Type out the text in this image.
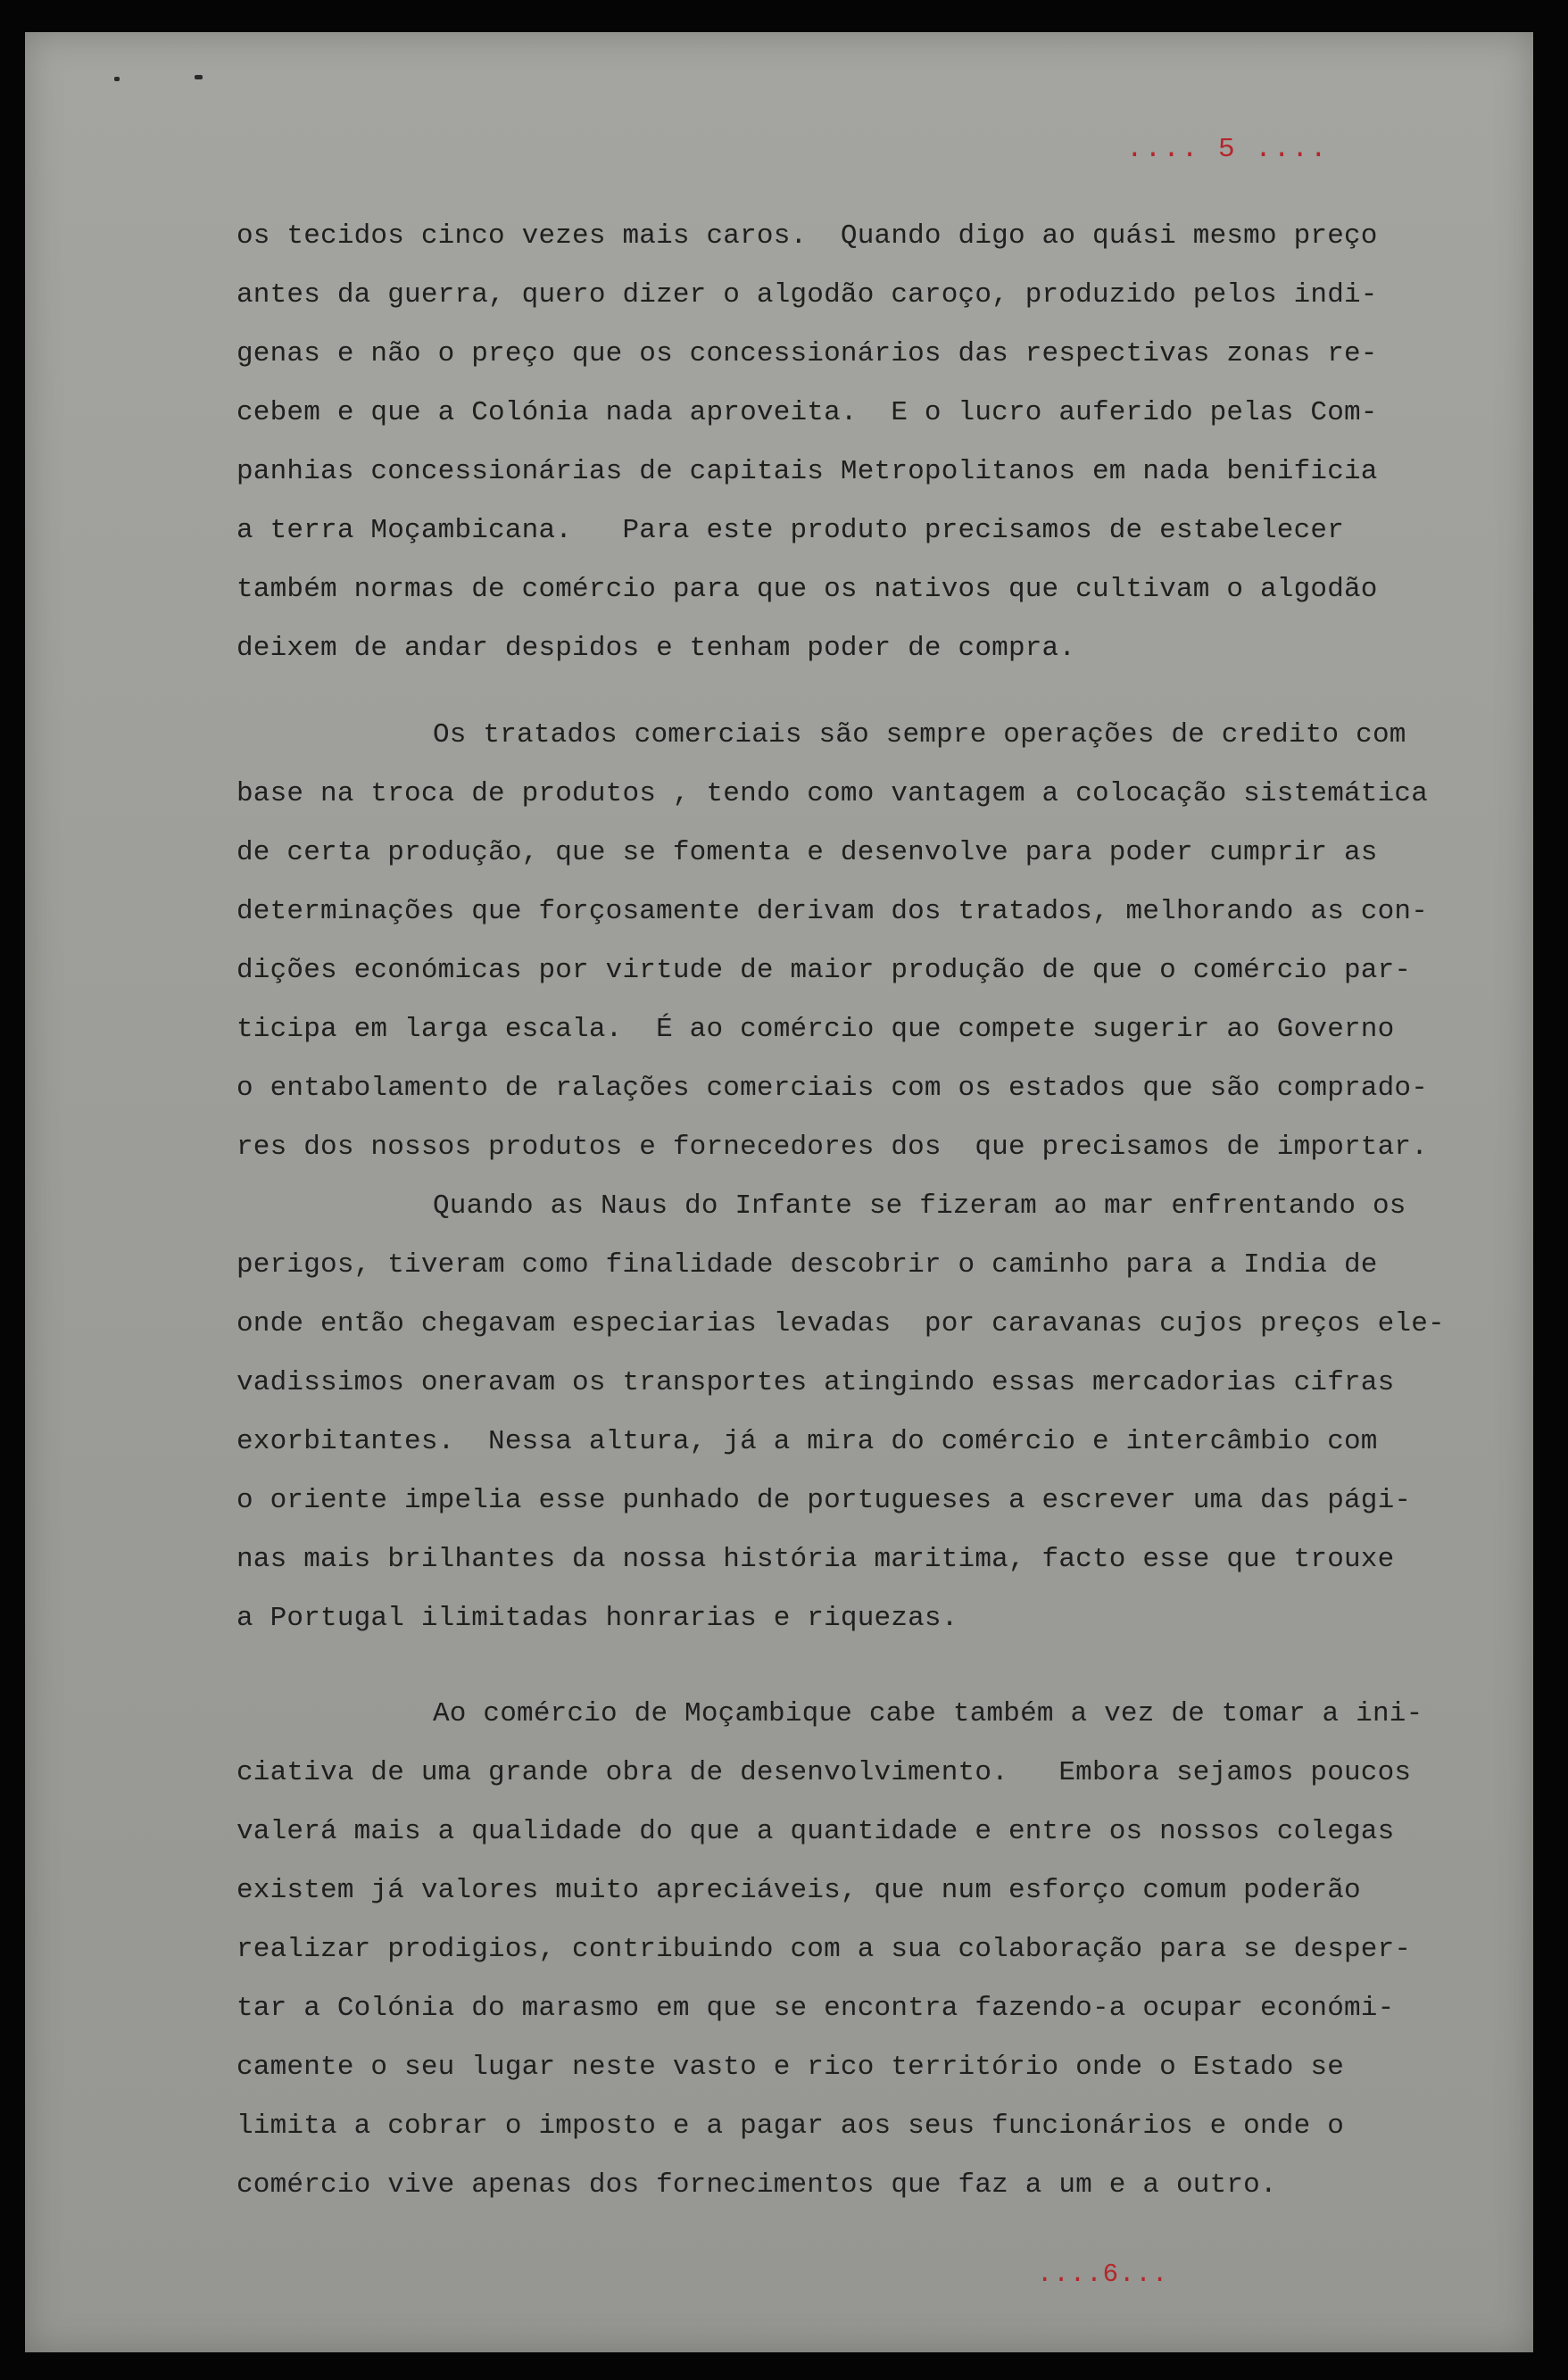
.... 5 ....
os tecidos cinco vezes mais caros.  Quando digo ao quási mesmo preço
antes da guerra, quero dizer o algodão caroço, produzido pelos indi-
genas e não o preço que os concessionários das respectivas zonas re-
cebem e que a Colónia nada aproveita.  E o lucro auferido pelas Com-
panhias concessionárias de capitais Metropolitanos em nada benificia
a terra Moçambicana.   Para este produto precisamos de estabelecer
também normas de comércio para que os nativos que cultivam o algodão
deixem de andar despidos e tenham poder de compra.
Os tratados comerciais são sempre operações de credito com
base na troca de produtos , tendo como vantagem a colocação sistemática
de certa produção, que se fomenta e desenvolve para poder cumprir as
determinações que forçosamente derivam dos tratados, melhorando as con-
dições económicas por virtude de maior produção de que o comércio par-
ticipa em larga escala.  É ao comércio que compete sugerir ao Governo
o entabolamento de ralações comerciais com os estados que são comprado-
res dos nossos produtos e fornecedores dos  que precisamos de importar.
Quando as Naus do Infante se fizeram ao mar enfrentando os
perigos, tiveram como finalidade descobrir o caminho para a India de
onde então chegavam especiarias levadas  por caravanas cujos preços ele-
vadissimos oneravam os transportes atingindo essas mercadorias cifras
exorbitantes.  Nessa altura, já a mira do comércio e intercâmbio com
o oriente impelia esse punhado de portugueses a escrever uma das pági-
nas mais brilhantes da nossa história maritima, facto esse que trouxe
a Portugal ilimitadas honrarias e riquezas.
Ao comércio de Moçambique cabe também a vez de tomar a ini-
ciativa de uma grande obra de desenvolvimento.   Embora sejamos poucos
valerá mais a qualidade do que a quantidade e entre os nossos colegas
existem já valores muito apreciáveis, que num esforço comum poderão
realizar prodigios, contribuindo com a sua colaboração para se desper-
tar a Colónia do marasmo em que se encontra fazendo-a ocupar económi-
camente o seu lugar neste vasto e rico território onde o Estado se
limita a cobrar o imposto e a pagar aos seus funcionários e onde o
comércio vive apenas dos fornecimentos que faz a um e a outro.
....6...
